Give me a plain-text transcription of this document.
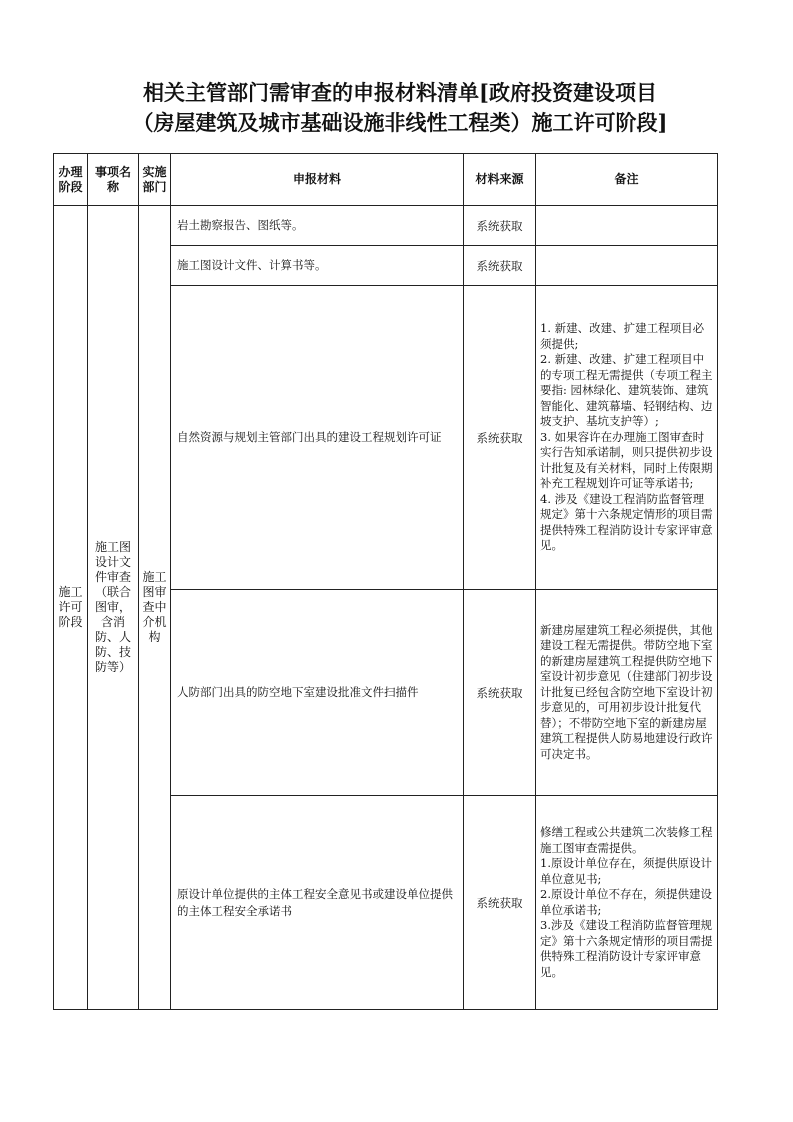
相关主管部门需审查的申报材料清单[政府投资建设项目
（房屋建筑及城市基础设施非线性工程类）施工许可阶段]
办理阶段	事项名称	实施部门	申报材料	材料来源	备注
施工许可阶段	施工图设计文件审查（联合图审，含消防、人防、技防等）	施工图审查中介机构	岩土勘察报告、图纸等。	系统获取	
			施工图设计文件、计算书等。	系统获取	
			自然资源与规划主管部门出具的建设工程规划许可证	系统获取	1. 新建、改建、扩建工程项目必须提供;
2. 新建、改建、扩建工程项目中的专项工程无需提供（专项工程主要指: 园林绿化、建筑装饰、建筑智能化、建筑幕墙、轻钢结构、边坡支护、基坑支护等）;
3. 如果容许在办理施工图审查时实行告知承诺制，则只提供初步设计批复及有关材料，同时上传限期补充工程规划许可证等承诺书;
4. 涉及《建设工程消防监督管理规定》第十六条规定情形的项目需提供特殊工程消防设计专家评审意见。

			人防部门出具的防空地下室建设批准文件扫描件	系统获取	新建房屋建筑工程必须提供，其他建设工程无需提供。带防空地下室的新建房屋建筑工程提供防空地下室设计初步意见（住建部门初步设计批复已经包含防空地下室设计初步意见的，可用初步设计批复代替）；不带防空地下室的新建房屋建筑工程提供人防易地建设行政许可决定书。

			原设计单位提供的主体工程安全意见书或建设单位提供的主体工程安全承诺书	系统获取	修缮工程或公共建筑二次装修工程施工图审查需提供。
1.原设计单位存在，须提供原设计单位意见书;
2.原设计单位不存在，须提供建设单位承诺书;
3.涉及《建设工程消防监督管理规定》第十六条规定情形的项目需提供特殊工程消防设计专家评审意见。
